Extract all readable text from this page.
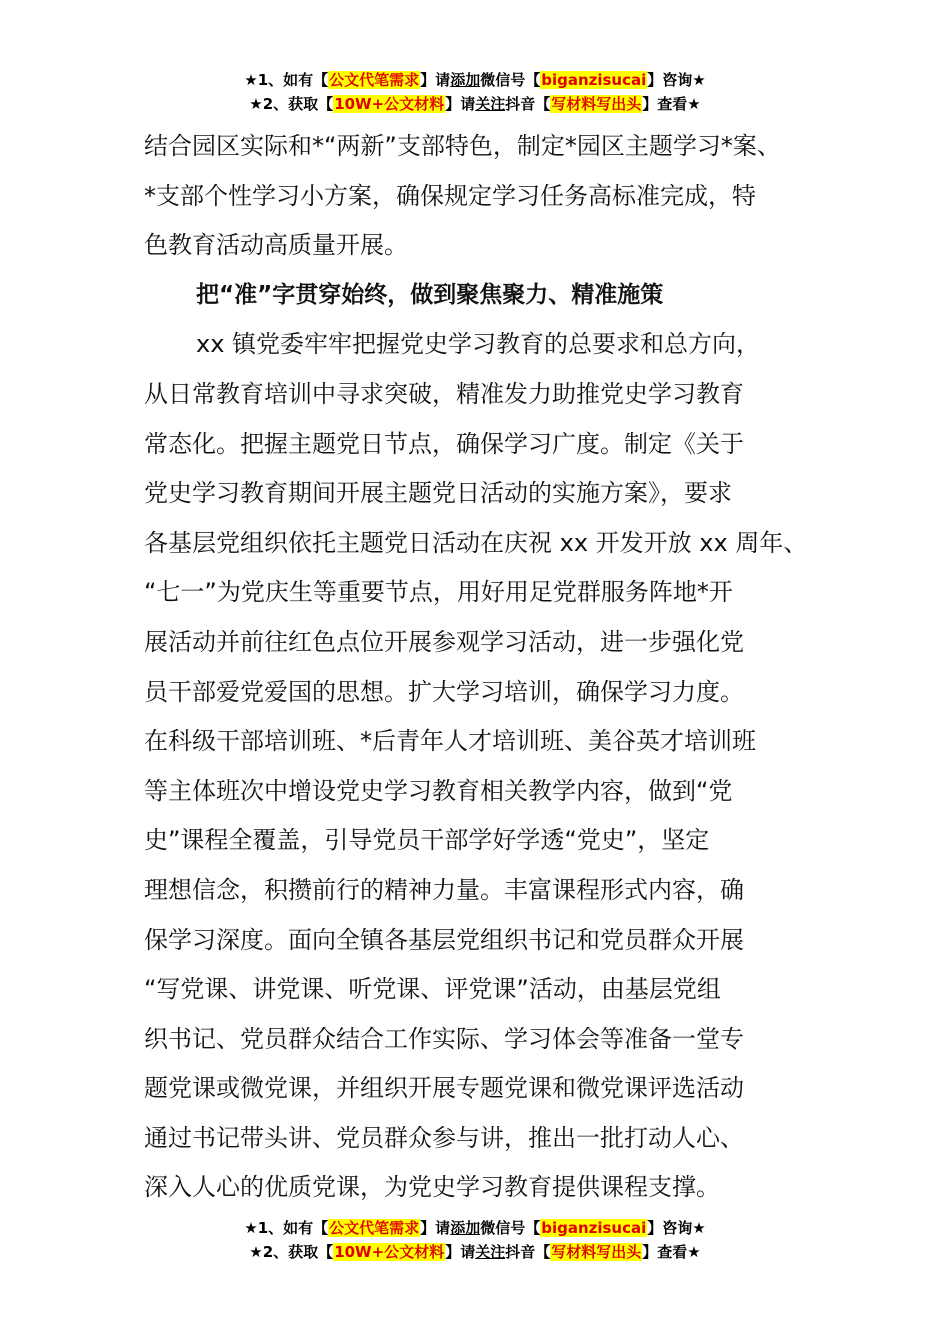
★1、如有【公文代笔需求】请添加微信号【biganzisucai】咨询★
★2、获取【10W+公文材料】请关注抖音【写材料写出头】查看★

结合园区实际和*“两新”支部特色，制定*园区主题学习*案、
*支部个性学习小方案，确保规定学习任务高标准完成，特
色教育活动高质量开展。

把“准”字贯穿始终，做到聚焦聚力、精准施策

xx 镇党委牢牢把握党史学习教育的总要求和总方向，
从日常教育培训中寻求突破，精准发力助推党史学习教育
常态化。把握主题党日节点，确保学习广度。制定《关于
党史学习教育期间开展主题党日活动的实施方案》，要求
各基层党组织依托主题党日活动在庆祝 xx 开发开放 xx 周年、
“七一”为党庆生等重要节点，用好用足党群服务阵地*开
展活动并前往红色点位开展参观学习活动，进一步强化党
员干部爱党爱国的思想。扩大学习培训，确保学习力度。
在科级干部培训班、*后青年人才培训班、美谷英才培训班
等主体班次中增设党史学习教育相关教学内容，做到“党
史”课程全覆盖，引导党员干部学好学透“党史”，坚定
理想信念，积攒前行的精神力量。丰富课程形式内容，确
保学习深度。面向全镇各基层党组织书记和党员群众开展
“写党课、讲党课、听党课、评党课”活动，由基层党组
织书记、党员群众结合工作实际、学习体会等准备一堂专
题党课或微党课，并组织开展专题党课和微党课评选活动
通过书记带头讲、党员群众参与讲，推出一批打动人心、
深入人心的优质党课，为党史学习教育提供课程支撑。

★1、如有【公文代笔需求】请添加微信号【biganzisucai】咨询★
★2、获取【10W+公文材料】请关注抖音【写材料写出头】查看★
